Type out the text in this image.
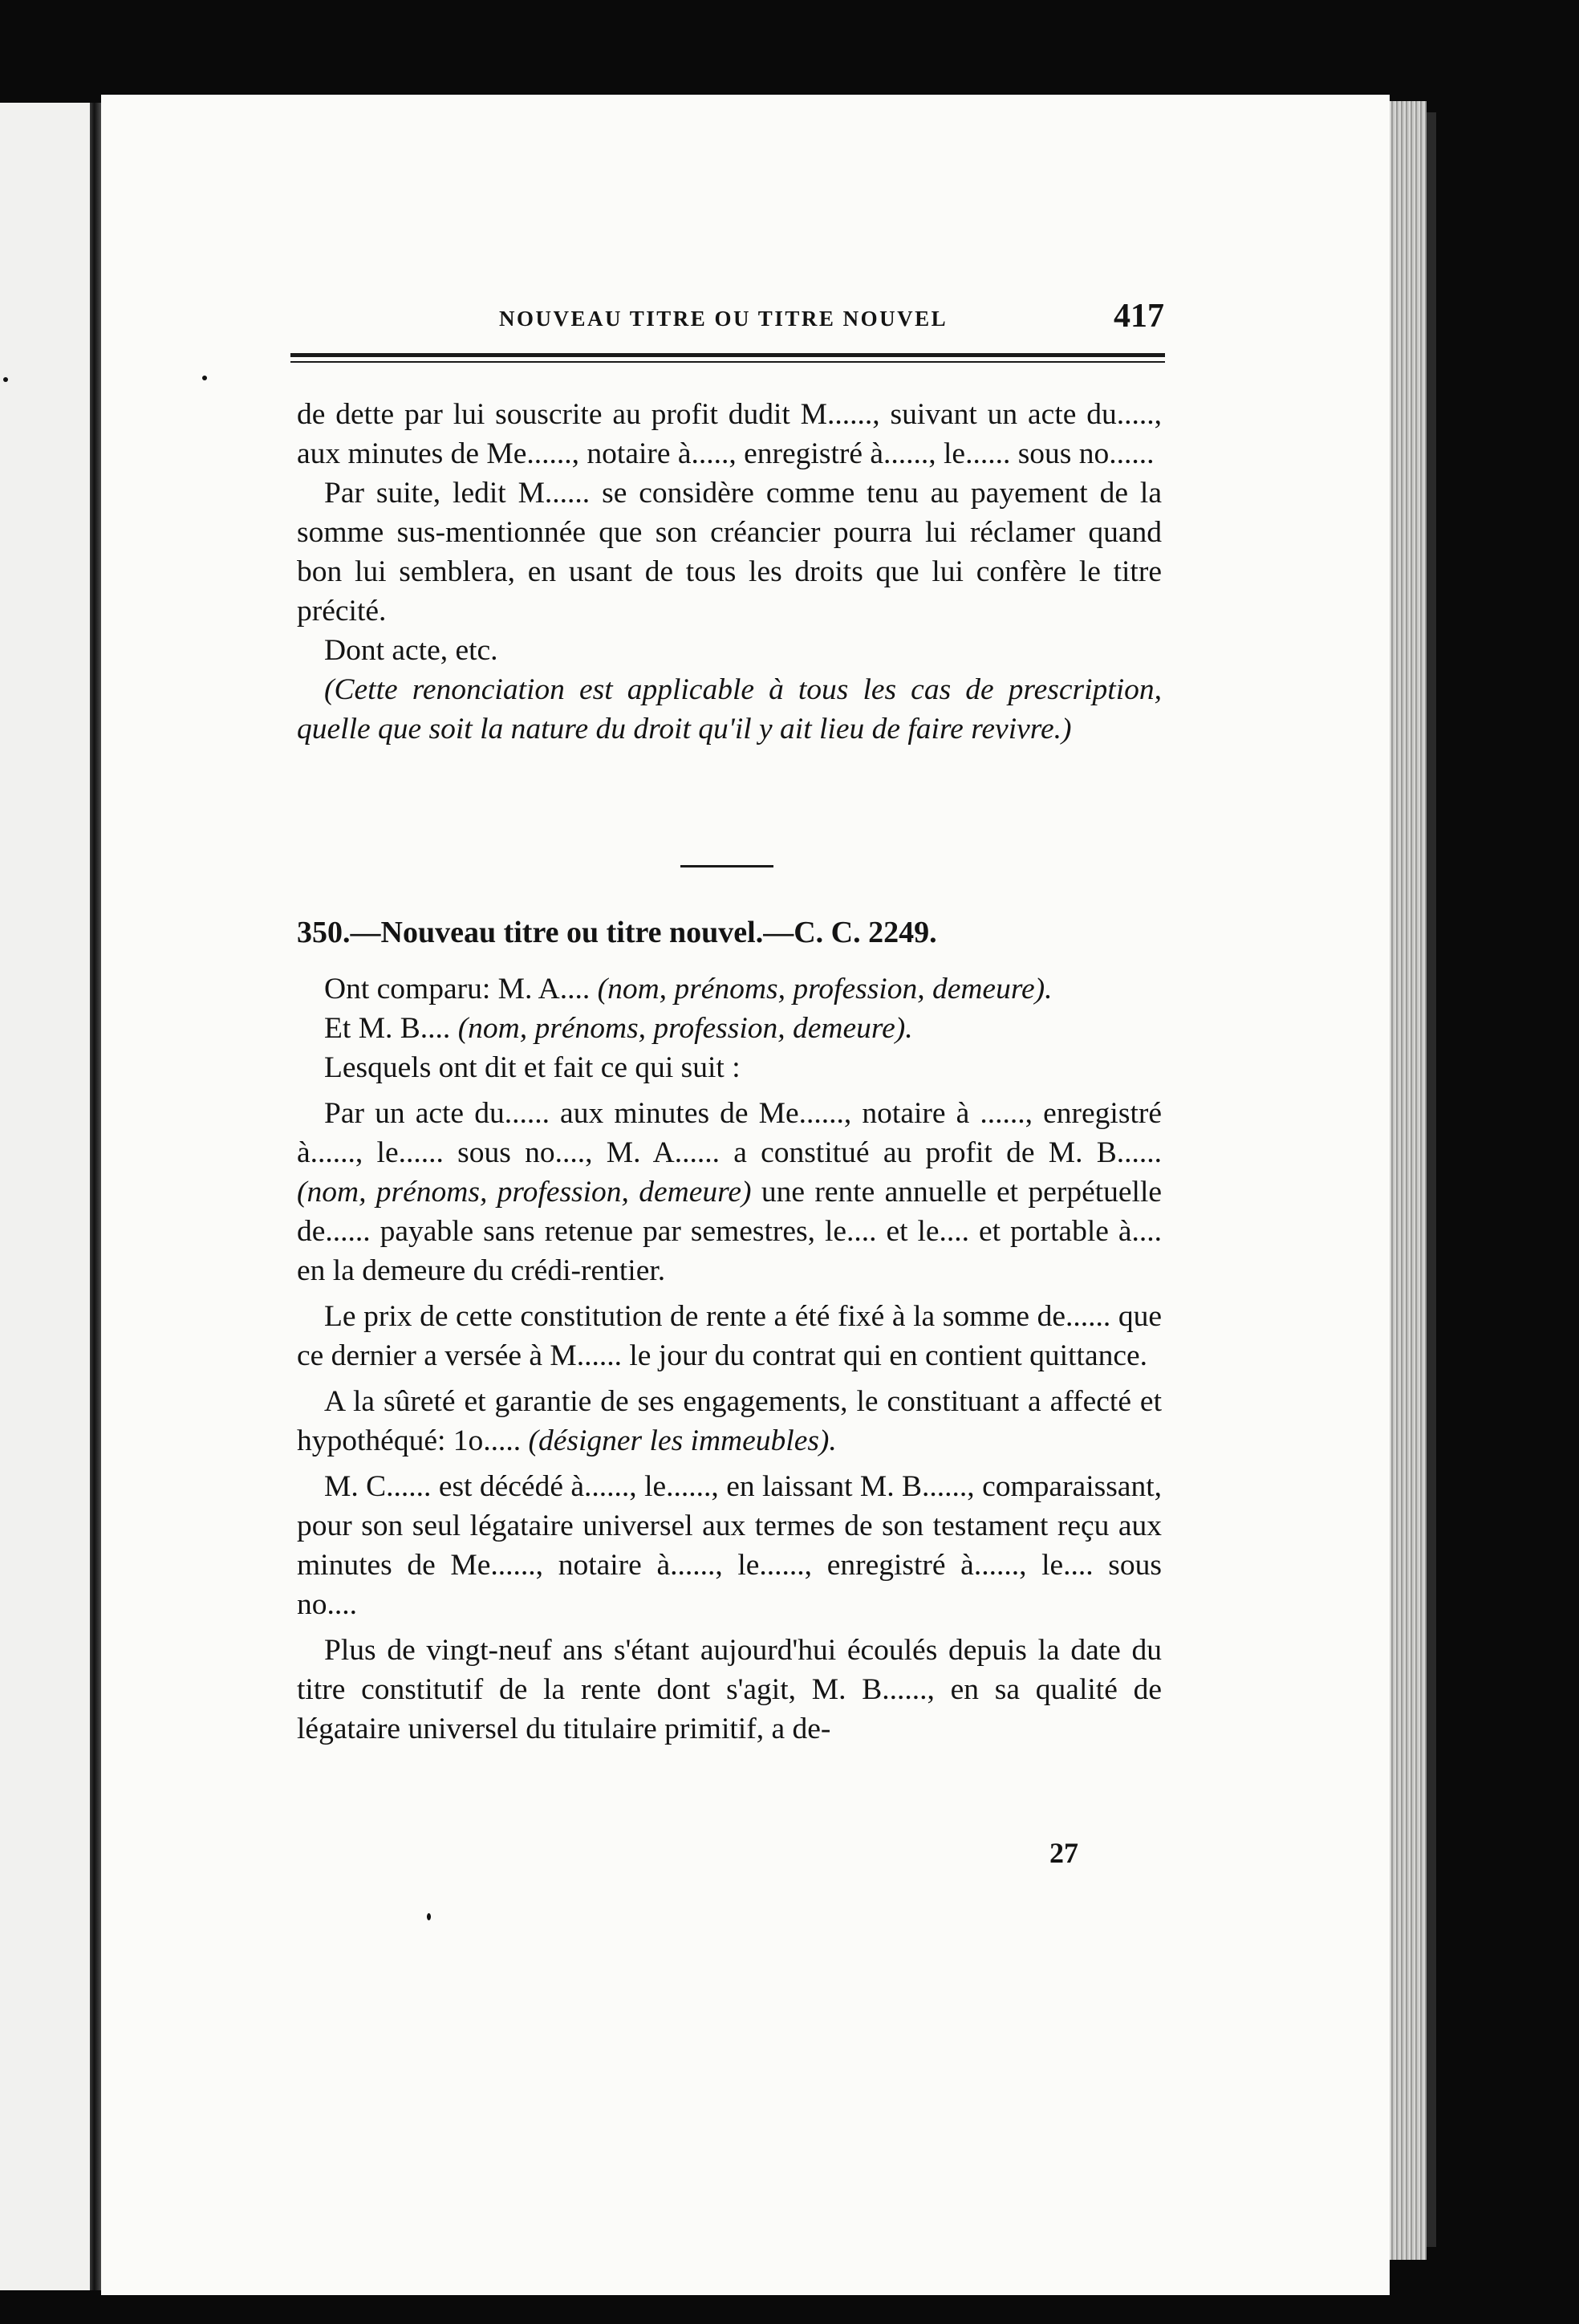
NOUVEAU TITRE OU TITRE NOUVEL	417

de dette par lui souscrite au profit dudit M......, suivant un acte du....., aux minutes de Me......, notaire à....., enregistré à......, le...... sous no......

Par suite, ledit M...... se considère comme tenu au payement de la somme sus-mentionnée que son créancier pourra lui réclamer quand bon lui semblera, en usant de tous les droits que lui confère le titre précité.

Dont acte, etc.

(Cette renonciation est applicable à tous les cas de prescription, quelle que soit la nature du droit qu'il y ait lieu de faire revivre.)

350.—Nouveau titre ou titre nouvel.—C. C. 2249.

Ont comparu: M. A.... (nom, prénoms, profession, demeure).

Et M. B.... (nom, prénoms, profession, demeure).

Lesquels ont dit et fait ce qui suit :

Par un acte du...... aux minutes de Me......, notaire à ......, enregistré à......, le...... sous no...., M. A...... a constitué au profit de M. B...... (nom, prénoms, profession, demeure) une rente annuelle et perpétuelle de...... payable sans retenue par semestres, le.... et le.... et portable à.... en la demeure du crédi-rentier.

Le prix de cette constitution de rente a été fixé à la somme de...... que ce dernier a versée à M...... le jour du contrat qui en contient quittance.

A la sûreté et garantie de ses engagements, le constituant a affecté et hypothéqué: 1o..... (désigner les immeubles).

M. C...... est décédé à......, le......, en laissant M. B......, comparaissant, pour son seul légataire universel aux termes de son testament reçu aux minutes de Me......, notaire à......, le......, enregistré à......, le.... sous no....

Plus de vingt-neuf ans s'étant aujourd'hui écoulés depuis la date du titre constitutif de la rente dont s'agit, M. B......, en sa qualité de légataire universel du titulaire primitif, a de-

27
